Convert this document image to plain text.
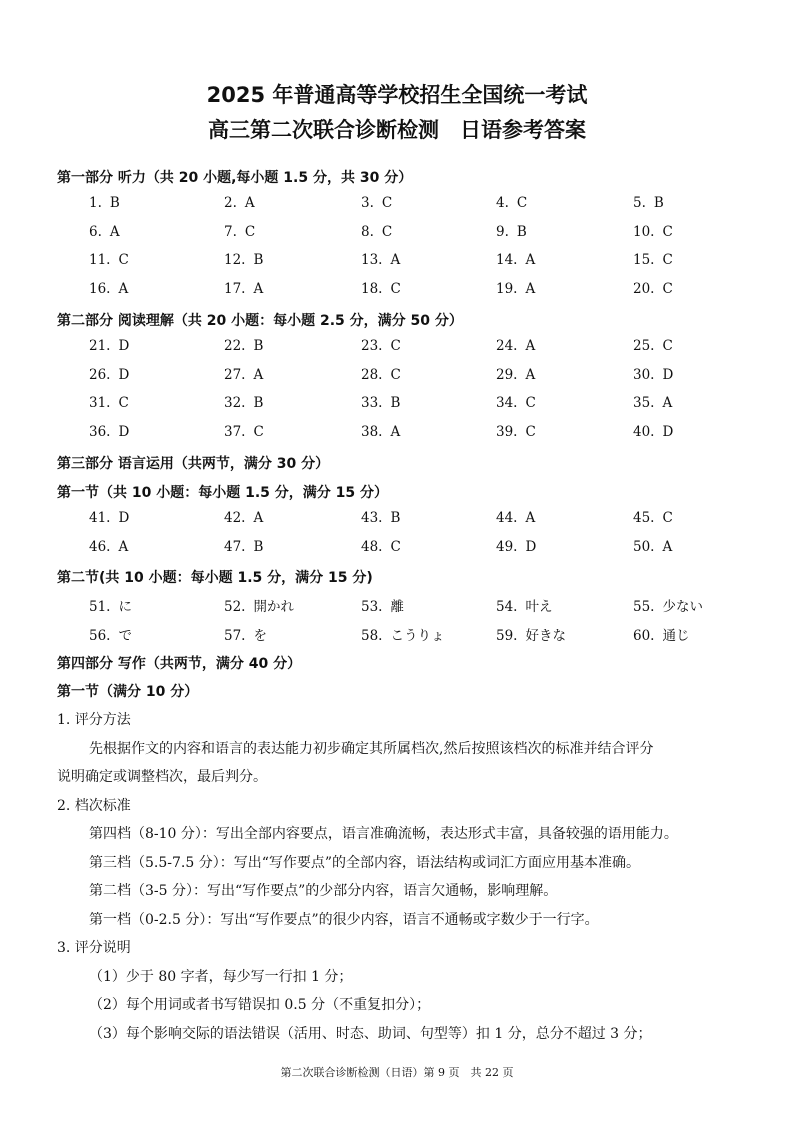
2025 年普通高等学校招生全国统一考试
高三第二次联合诊断检测　日语参考答案
第一部分 听力（共 20 小题,每小题 1.5 分，共 30 分）
1. B	2. A	3. C	4. C	5. B
6. A	7. C	8. C	9. B	10. C
11. C	12. B	13. A	14. A	15. C
16. A	17. A	18. C	19. A	20. C
第二部分 阅读理解（共 20 小题：每小题 2.5 分，满分 50 分）
21. D	22. B	23. C	24. A	25. C
26. D	27. A	28. C	29. A	30. D
31. C	32. B	33. B	34. C	35. A
36. D	37. C	38. A	39. C	40. D
第三部分 语言运用（共两节，满分 30 分）
第一节（共 10 小题：每小题 1.5 分，满分 15 分）
41. D	42. A	43. B	44. A	45. C
46. A	47. B	48. C	49. D	50. A
第二节(共 10 小题：每小题 1.5 分，满分 15 分)
51. に	52. 開かれ	53. 離	54. 叶え	55. 少ない
56. で	57. を	58. こうりょ	59. 好きな	60. 通じ
第四部分 写作（共两节，满分 40 分）
第一节（满分 10 分）
1. 评分方法
先根据作文的内容和语言的表达能力初步确定其所属档次,然后按照该档次的标准并结合评分
说明确定或调整档次，最后判分。
2. 档次标准
第四档（8-10 分）：写出全部内容要点，语言准确流畅，表达形式丰富，具备较强的语用能力。
第三档（5.5-7.5 分）：写出“写作要点”的全部内容，语法结构或词汇方面应用基本准确。
第二档（3-5 分）：写出“写作要点”的少部分内容，语言欠通畅，影响理解。
第一档（0-2.5 分）：写出“写作要点”的很少内容，语言不通畅或字数少于一行字。
3. 评分说明
（1）少于 80 字者，每少写一行扣 1 分；
（2）每个用词或者书写错误扣 0.5 分（不重复扣分）；
（3）每个影响交际的语法错误（活用、时态、助词、句型等）扣 1 分，总分不超过 3 分；
第二次联合诊断检测（日语）第 9 页　共 22 页
